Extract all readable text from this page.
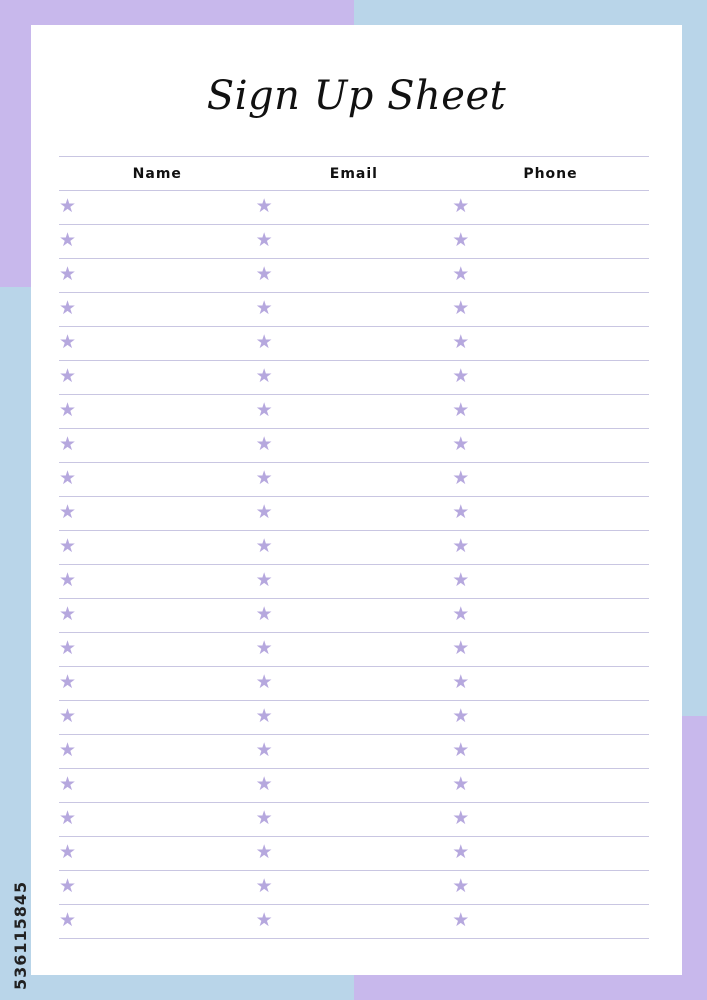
Sign Up Sheet
Name	Email	Phone
★	★	★
★	★	★
★	★	★
★	★	★
★	★	★
★	★	★
★	★	★
★	★	★
★	★	★
★	★	★
★	★	★
★	★	★
★	★	★
★	★	★
★	★	★
★	★	★
★	★	★
★	★	★
★	★	★
★	★	★
★	★	★
★	★	★
536115845
